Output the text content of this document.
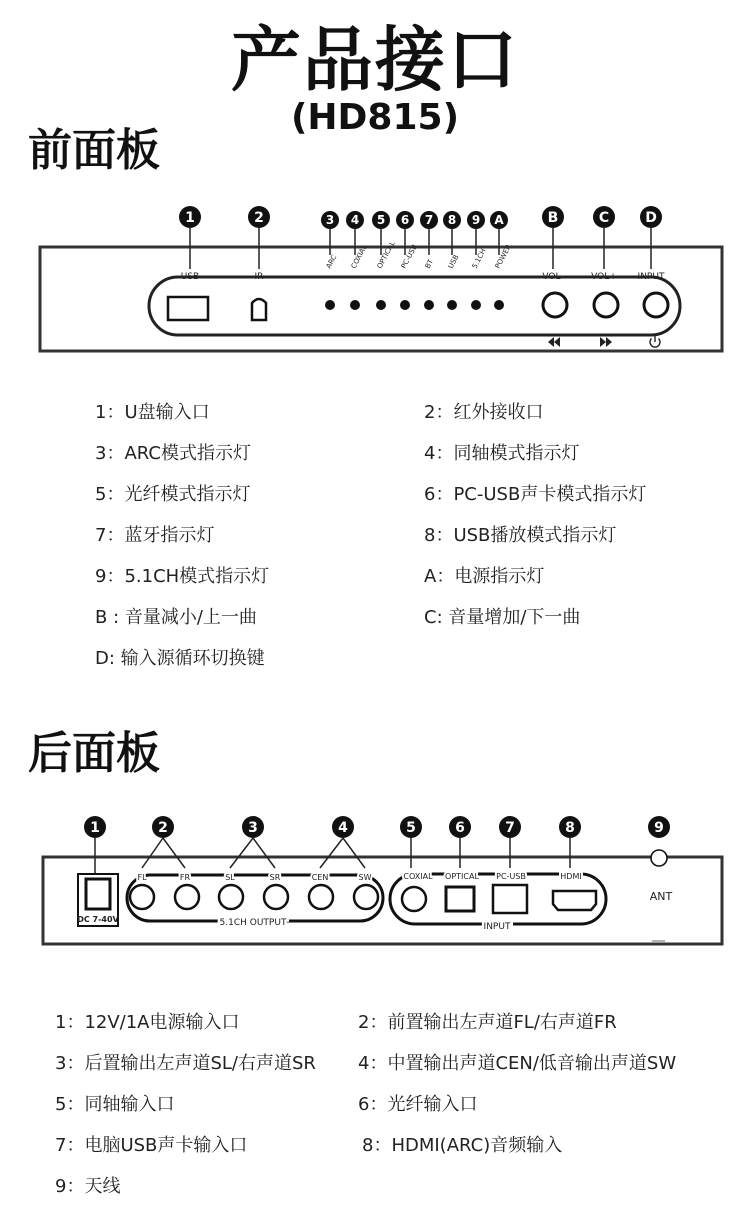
产品接口
(HD815)
前面板
1	2	3 4 5 6 7 8 9 A	B	C	D
USB	IR
ARC COXIAL OPTICAL PC-USB BT USB 5.1CH POWER
VOL-	VOL+ INPUT
1：U盘输入口	2：红外接收口
3：ARC模式指示灯	4：同轴模式指示灯
5：光纤模式指示灯	6：PC-USB声卡模式指示灯
7：蓝牙指示灯	8：USB播放模式指示灯
9：5.1CH模式指示灯	A：电源指示灯
B : 音量减小/上一曲	C: 音量增加/下一曲
D: 输入源循环切换键
后面板
1	2	3	4	5	6	7	8	9
DC 7-40V
FL	FR	SL	SR	CEN	SW
5.1CH OUTPUT
COXIAL OPTICAL PC-USB	HDMI
INPUT
ANT
1：12V/1A电源输入口	2：前置输出左声道FL/右声道FR
3：后置输出左声道SL/右声道SR 4：中置输出声道CEN/低音输出声道SW
5：同轴输入口	6：光纤输入口
7：电脑USB声卡输入口	8：HDMI(ARC)音频输入
9：天线
